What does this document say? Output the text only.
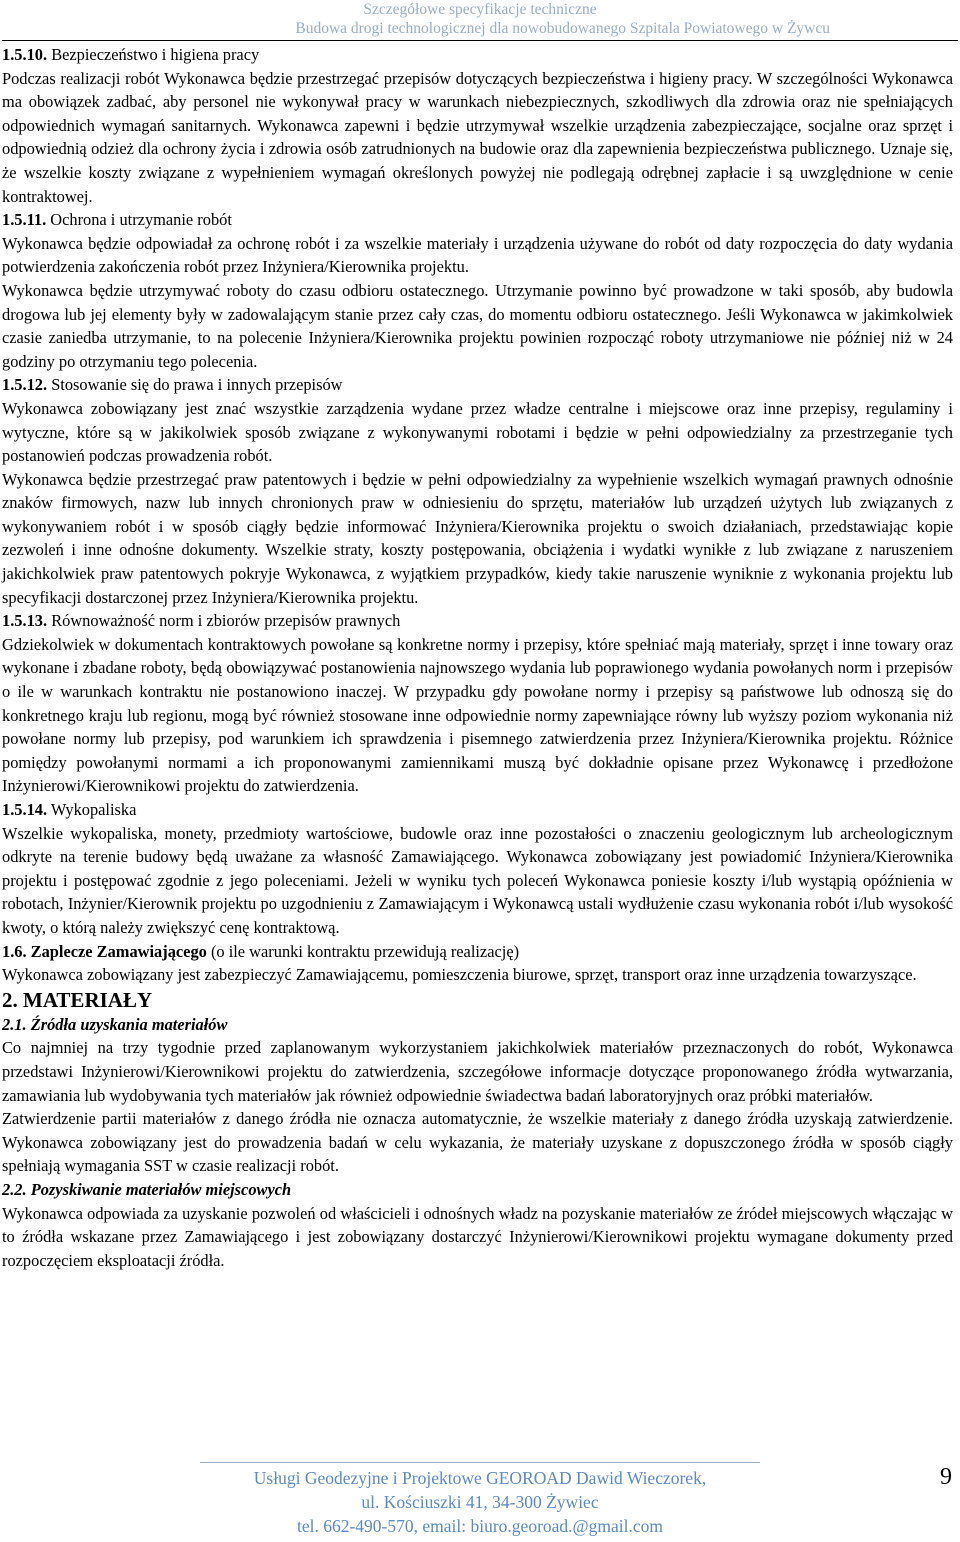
Szczegółowe specyfikacje techniczne
Budowa drogi technologicznej dla nowobudowanego Szpitala Powiatowego w Żywcu

1.5.10. Bezpieczeństwo i higiena pracy

Podczas realizacji robót Wykonawca będzie przestrzegać przepisów dotyczących bezpieczeństwa i higieny pracy. W szczególności Wykonawca ma obowiązek zadbać, aby personel nie wykonywał pracy w warunkach niebezpiecznych, szkodliwych dla zdrowia oraz nie spełniających odpowiednich wymagań sanitarnych. Wykonawca zapewni i będzie utrzymywał wszelkie urządzenia zabezpieczające, socjalne oraz sprzęt i odpowiednią odzież dla ochrony życia i zdrowia osób zatrudnionych na budowie oraz dla zapewnienia bezpieczeństwa publicznego. Uznaje się, że wszelkie koszty związane z wypełnieniem wymagań określonych powyżej nie podlegają odrębnej zapłacie i są uwzględnione w cenie kontraktowej.

1.5.11. Ochrona i utrzymanie robót

Wykonawca będzie odpowiadał za ochronę robót i za wszelkie materiały i urządzenia używane do robót od daty rozpoczęcia do daty wydania potwierdzenia zakończenia robót przez Inżyniera/Kierownika projektu.

Wykonawca będzie utrzymywać roboty do czasu odbioru ostatecznego. Utrzymanie powinno być prowadzone w taki sposób, aby budowla drogowa lub jej elementy były w zadowalającym stanie przez cały czas, do momentu odbioru ostatecznego. Jeśli Wykonawca w jakimkolwiek czasie zaniedba utrzymanie, to na polecenie Inżyniera/Kierownika projektu powinien rozpocząć roboty utrzymaniowe nie później niż w 24 godziny po otrzymaniu tego polecenia.

1.5.12. Stosowanie się do prawa i innych przepisów

Wykonawca zobowiązany jest znać wszystkie zarządzenia wydane przez władze centralne i miejscowe oraz inne przepisy, regulaminy i wytyczne, które są w jakikolwiek sposób związane z wykonywanymi robotami i będzie w pełni odpowiedzialny za przestrzeganie tych postanowień podczas prowadzenia robót.

Wykonawca będzie przestrzegać praw patentowych i będzie w pełni odpowiedzialny za wypełnienie wszelkich wymagań prawnych odnośnie znaków firmowych, nazw lub innych chronionych praw w odniesieniu do sprzętu, materiałów lub urządzeń użytych lub związanych z wykonywaniem robót i w sposób ciągły będzie informować Inżyniera/Kierownika projektu o swoich działaniach, przedstawiając kopie zezwoleń i inne odnośne dokumenty. Wszelkie straty, koszty postępowania, obciążenia i wydatki wynikłe z lub związane z naruszeniem jakichkolwiek praw patentowych pokryje Wykonawca, z wyjątkiem przypadków, kiedy takie naruszenie wyniknie z wykonania projektu lub specyfikacji dostarczonej przez Inżyniera/Kierownika projektu.

1.5.13. Równoważność norm i zbiorów przepisów prawnych

Gdziekolwiek w dokumentach kontraktowych powołane są konkretne normy i przepisy, które spełniać mają materiały, sprzęt i inne towary oraz wykonane i zbadane roboty, będą obowiązywać postanowienia najnowszego wydania lub poprawionego wydania powołanych norm i przepisów o ile w warunkach kontraktu nie postanowiono inaczej. W przypadku gdy powołane normy i przepisy są państwowe lub odnoszą się do konkretnego kraju lub regionu, mogą być również stosowane inne odpowiednie normy zapewniające równy lub wyższy poziom wykonania niż powołane normy lub przepisy, pod warunkiem ich sprawdzenia i pisemnego zatwierdzenia przez Inżyniera/Kierownika projektu. Różnice pomiędzy powołanymi normami a ich proponowanymi zamiennikami muszą być dokładnie opisane przez Wykonawcę i przedłożone Inżynierowi/Kierownikowi projektu do zatwierdzenia.

1.5.14. Wykopaliska

Wszelkie wykopaliska, monety, przedmioty wartościowe, budowle oraz inne pozostałości o znaczeniu geologicznym lub archeologicznym odkryte na terenie budowy będą uważane za własność Zamawiającego. Wykonawca zobowiązany jest powiadomić Inżyniera/Kierownika projektu i postępować zgodnie z jego poleceniami. Jeżeli w wyniku tych poleceń Wykonawca poniesie koszty i/lub wystąpią opóźnienia w robotach, Inżynier/Kierownik projektu po uzgodnieniu z Zamawiającym i Wykonawcą ustali wydłużenie czasu wykonania robót i/lub wysokość kwoty, o którą należy zwiększyć cenę kontraktową.

1.6. Zaplecze Zamawiającego (o ile warunki kontraktu przewidują realizację)

Wykonawca zobowiązany jest zabezpieczyć Zamawiającemu, pomieszczenia biurowe, sprzęt, transport oraz inne urządzenia towarzyszące.

2. MATERIAŁY

2.1. Źródła uzyskania materiałów

Co najmniej na trzy tygodnie przed zaplanowanym wykorzystaniem jakichkolwiek materiałów przeznaczonych do robót, Wykonawca przedstawi Inżynierowi/Kierownikowi projektu do zatwierdzenia, szczegółowe informacje dotyczące proponowanego źródła wytwarzania, zamawiania lub wydobywania tych materiałów jak również odpowiednie świadectwa badań laboratoryjnych oraz próbki materiałów.

Zatwierdzenie partii materiałów z danego źródła nie oznacza automatycznie, że wszelkie materiały z danego źródła uzyskają zatwierdzenie. Wykonawca zobowiązany jest do prowadzenia badań w celu wykazania, że materiały uzyskane z dopuszczonego źródła w sposób ciągły spełniają wymagania SST w czasie realizacji robót.

2.2. Pozyskiwanie materiałów miejscowych

Wykonawca odpowiada za uzyskanie pozwoleń od właścicieli i odnośnych władz na pozyskanie materiałów ze źródeł miejscowych włączając w to źródła wskazane przez Zamawiającego i jest zobowiązany dostarczyć Inżynierowi/Kierownikowi projektu wymagane dokumenty przed rozpoczęciem eksploatacji źródła.

Usługi Geodezyjne i Projektowe GEOROAD Dawid Wieczorek,
ul. Kościuszki 41, 34-300 Żywiec
tel. 662-490-570, email: biuro.georoad.@gmail.com
9
